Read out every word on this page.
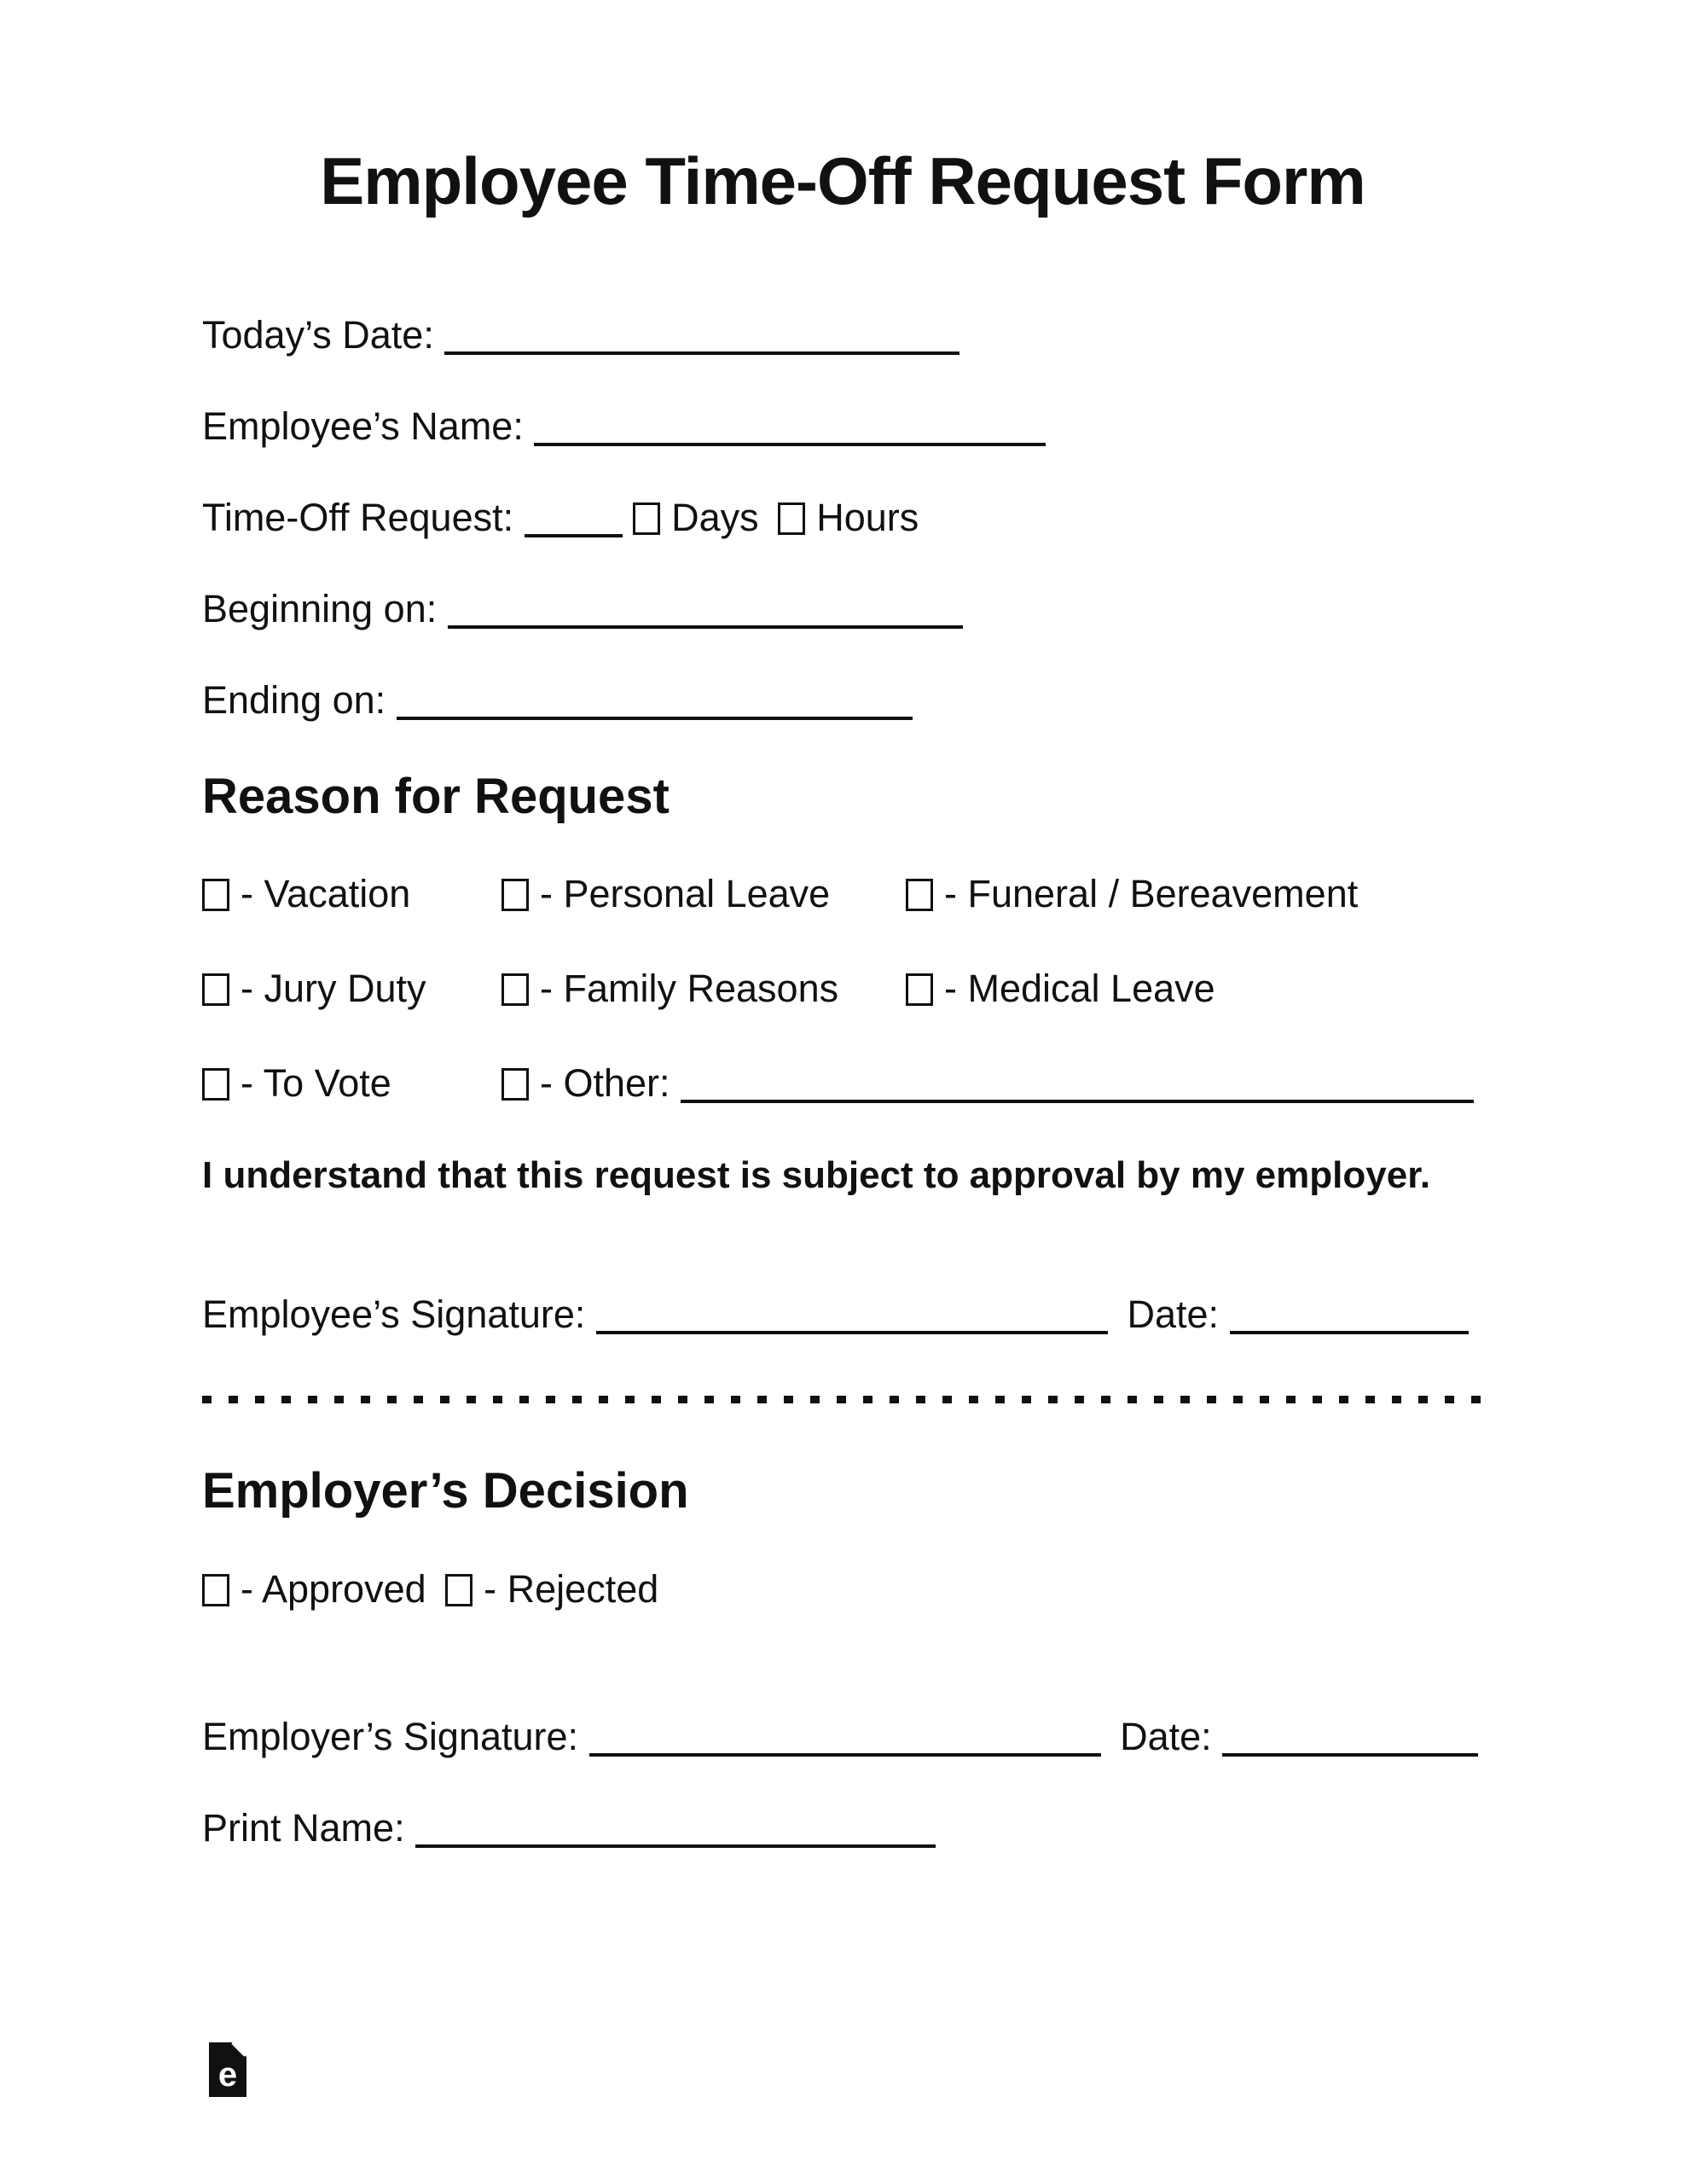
Employee Time-Off Request Form
Today’s Date:
Employee’s Name:
Time-Off Request:	Days Hours
Beginning on:
Ending on:
Reason for Request
- Vacation	- Personal Leave	- Funeral / Bereavement
- Jury Duty	- Family Reasons	- Medical Leave
- To Vote	- Other:

I understand that this request is subject to approval by my employer.

Employee’s Signature:	Date:
Employer’s Decision
- Approved - Rejected
Employer’s Signature:	Date:
Print Name:
e
